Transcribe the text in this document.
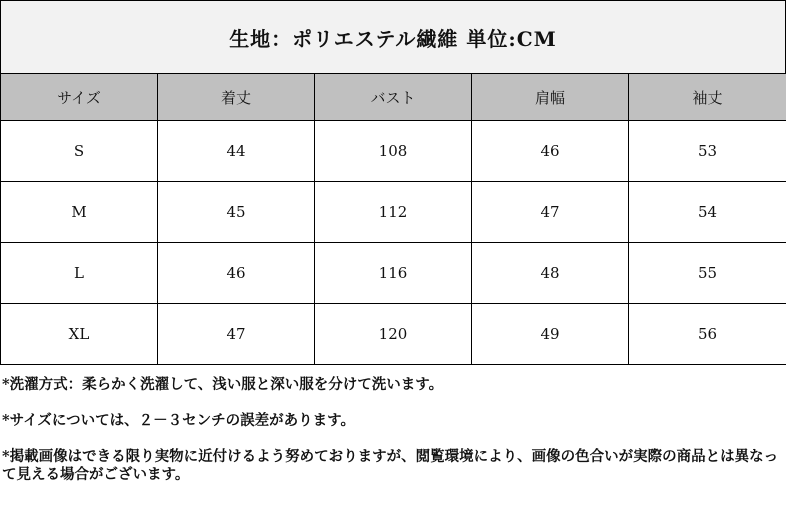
生地：ポリエステル繊維 単位:CM
サイズ	着丈	バスト	肩幅	袖丈
S	44	108	46	53
M	45	112	47	54
L	46	116	48	55
XL	47	120	49	56

*洗濯方式：柔らかく洗濯して、浅い服と深い服を分けて洗います。

*サイズについては、２－３センチの誤差があります。

*掲載画像はできる限り実物に近付けるよう努めておりますが、閲覧環境により、画像の色合いが実際の商品とは異なって見える場合がございます。
